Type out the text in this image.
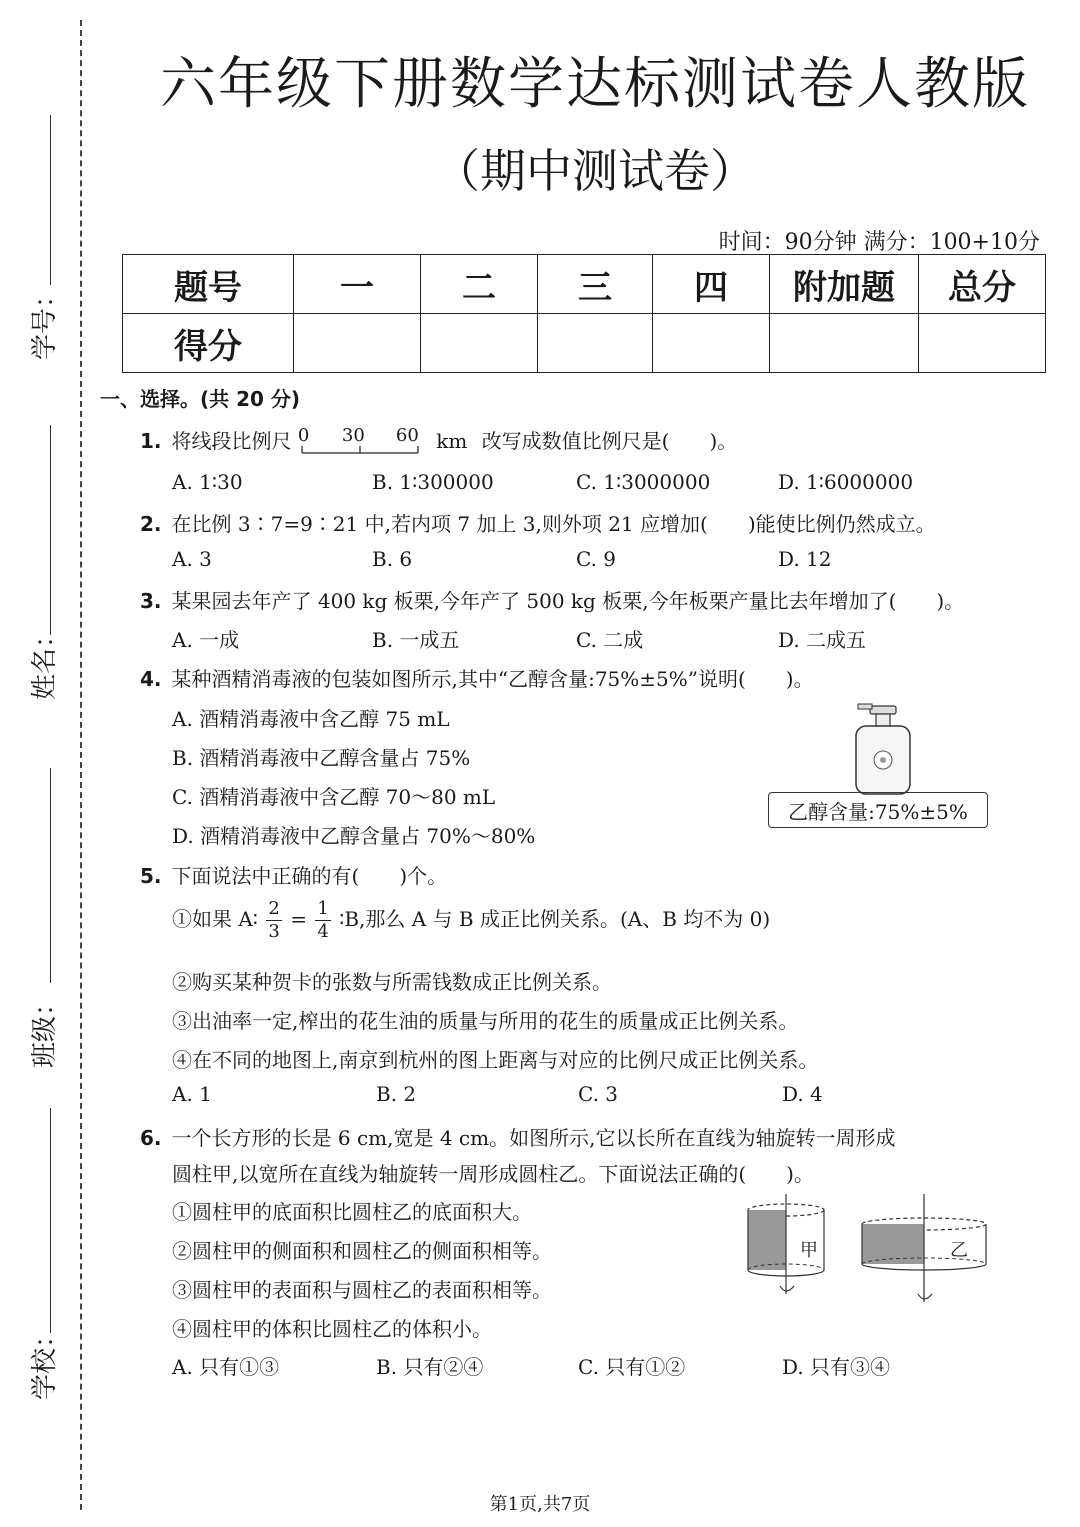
学号：
姓名：
班级：
学校：
六年级下册数学达标测试卷人教版
（期中测试卷）
时间：90分钟 满分：100+10分
题号	一	二	三	四	附加题	总分
得分						
一、选择。(共 20 分)
1. 将线段比例尺 0 30 60 km 改写成数值比例尺是(　　)。
A. 1∶30	B. 1∶300000	C. 1∶3000000	D. 1∶6000000
2. 在比例 3∶7=9∶21 中,若内项 7 加上 3,则外项 21 应增加(　　)能使比例仍然成立。
A. 3	B. 6	C. 9	D. 12
3. 某果园去年产了 400 kg 板栗,今年产了 500 kg 板栗,今年板栗产量比去年增加了(　　)。
A. 一成	B. 一成五	C. 二成	D. 二成五
4. 某种酒精消毒液的包装如图所示,其中“乙醇含量:75%±5%”说明(　　)。
A. 酒精消毒液中含乙醇 75 mL
B. 酒精消毒液中乙醇含量占 75%
C. 酒精消毒液中含乙醇 70～80 mL
D. 酒精消毒液中乙醇含量占 70%～80%
乙醇含量:75%±5%
5. 下面说法中正确的有(　　)个。
①如果 A∶ $\frac{2}{3} = \frac{1}{4}$ ∶B,那么 A 与 B 成正比例关系。(A、B 均不为 0)
②购买某种贺卡的张数与所需钱数成正比例关系。
③出油率一定,榨出的花生油的质量与所用的花生的质量成正比例关系。
④在不同的地图上,南京到杭州的图上距离与对应的比例尺成正比例关系。
A. 1	B. 2	C. 3	D. 4
6. 一个长方形的长是 6 cm,宽是 4 cm。如图所示,它以长所在直线为轴旋转一周形成
圆柱甲,以宽所在直线为轴旋转一周形成圆柱乙。下面说法正确的(　　)。
①圆柱甲的底面积比圆柱乙的底面积大。
②圆柱甲的侧面积和圆柱乙的侧面积相等。
③圆柱甲的表面积与圆柱乙的表面积相等。
④圆柱甲的体积比圆柱乙的体积小。
A. 只有①③	B. 只有②④	C. 只有①②	D. 只有③④
甲	乙
第1页,共7页
